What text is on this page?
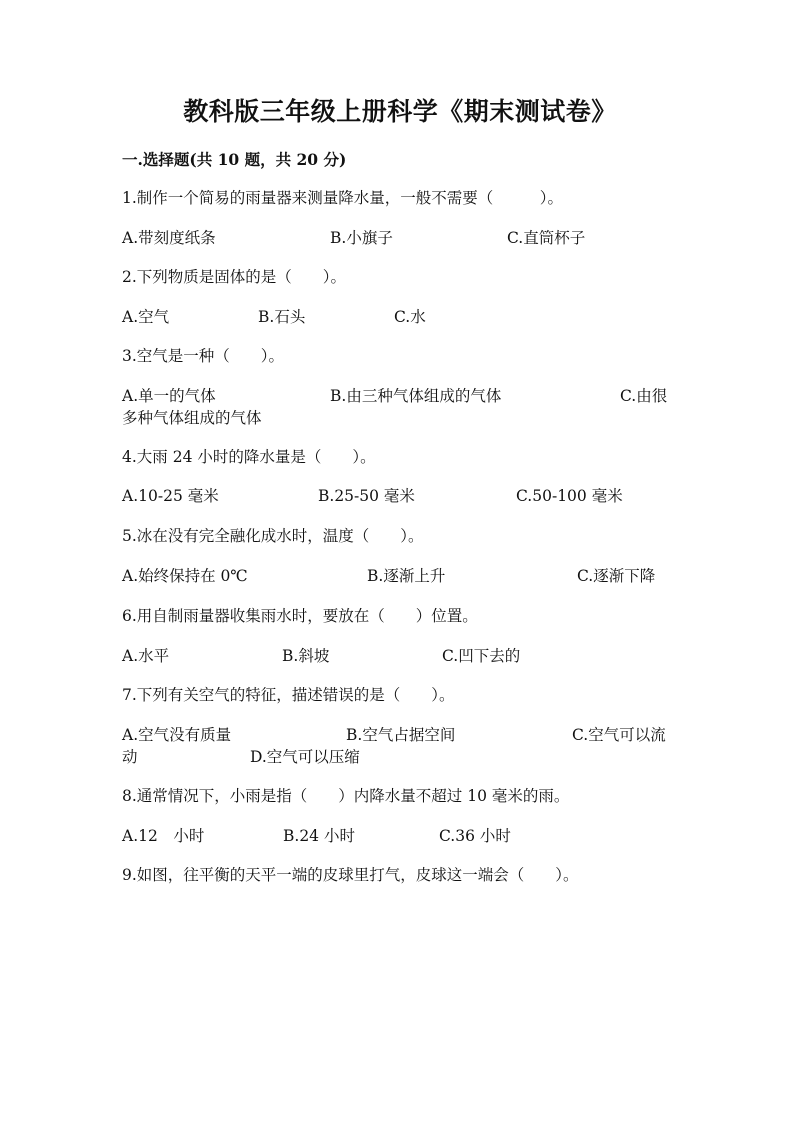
教科版三年级上册科学《期末测试卷》
一.选择题(共 10 题，共 20 分)
1.制作一个简易的雨量器来测量降水量，一般不需要（　　　）。
A.带刻度纸条	B.小旗子	C.直筒杯子
2.下列物质是固体的是（　　）。
A.空气	B.石头	C.水
3.空气是一种（　　）。
A.单一的气体	B.由三种气体组成的气体	C.由很
多种气体组成的气体
4.大雨 24 小时的降水量是（　　）。
A.10-25 毫米	B.25-50 毫米	C.50-100 毫米
5.冰在没有完全融化成水时，温度（　　）。
A.始终保持在 0℃	B.逐渐上升	C.逐渐下降
6.用自制雨量器收集雨水时，要放在（　　）位置。
A.水平	B.斜坡	C.凹下去的
7.下列有关空气的特征，描述错误的是（　　）。
A.空气没有质量	B.空气占据空间	C.空气可以流
动	D.空气可以压缩
8.通常情况下，小雨是指（　　）内降水量不超过 10 毫米的雨。
A.12　小时	B.24 小时	C.36 小时
9.如图，往平衡的天平一端的皮球里打气，皮球这一端会（　　）。
